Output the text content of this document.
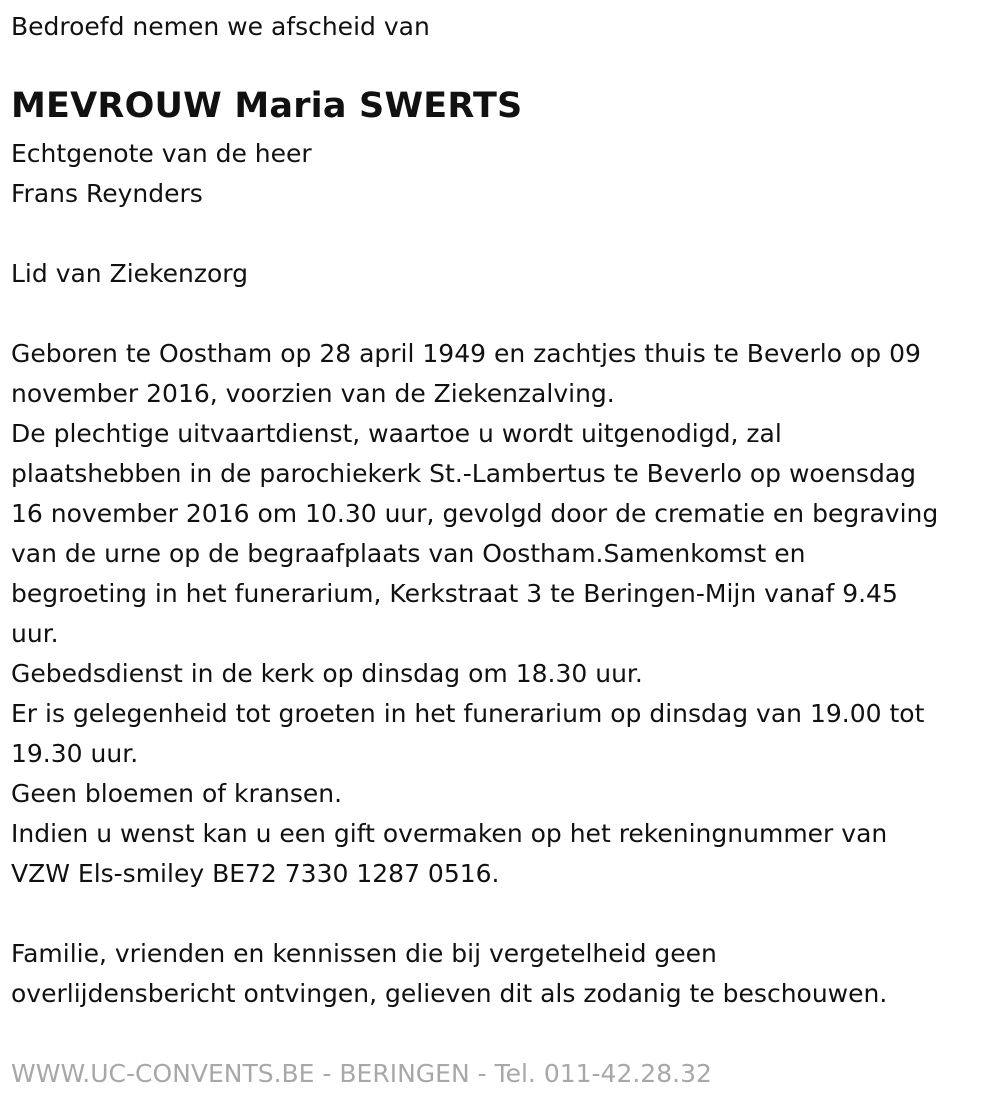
Bedroefd nemen we afscheid van
MEVROUW Maria SWERTS
Echtgenote van de heer
Frans Reynders
Lid van Ziekenzorg
Geboren te Oostham op 28 april 1949 en zachtjes thuis te Beverlo op 09
november 2016, voorzien van de Ziekenzalving.
De plechtige uitvaartdienst, waartoe u wordt uitgenodigd, zal
plaatshebben in de parochiekerk St.-Lambertus te Beverlo op woensdag
16 november 2016 om 10.30 uur, gevolgd door de crematie en begraving
van de urne op de begraafplaats van Oostham.Samenkomst en
begroeting in het funerarium, Kerkstraat 3 te Beringen-Mijn vanaf 9.45
uur.
Gebedsdienst in de kerk op dinsdag om 18.30 uur.
Er is gelegenheid tot groeten in het funerarium op dinsdag van 19.00 tot
19.30 uur.
Geen bloemen of kransen.
Indien u wenst kan u een gift overmaken op het rekeningnummer van
VZW Els-smiley BE72 7330 1287 0516.
Familie, vrienden en kennissen die bij vergetelheid geen
overlijdensbericht ontvingen, gelieven dit als zodanig te beschouwen.
WWW.UC-CONVENTS.BE - BERINGEN - Tel. 011-42.28.32
